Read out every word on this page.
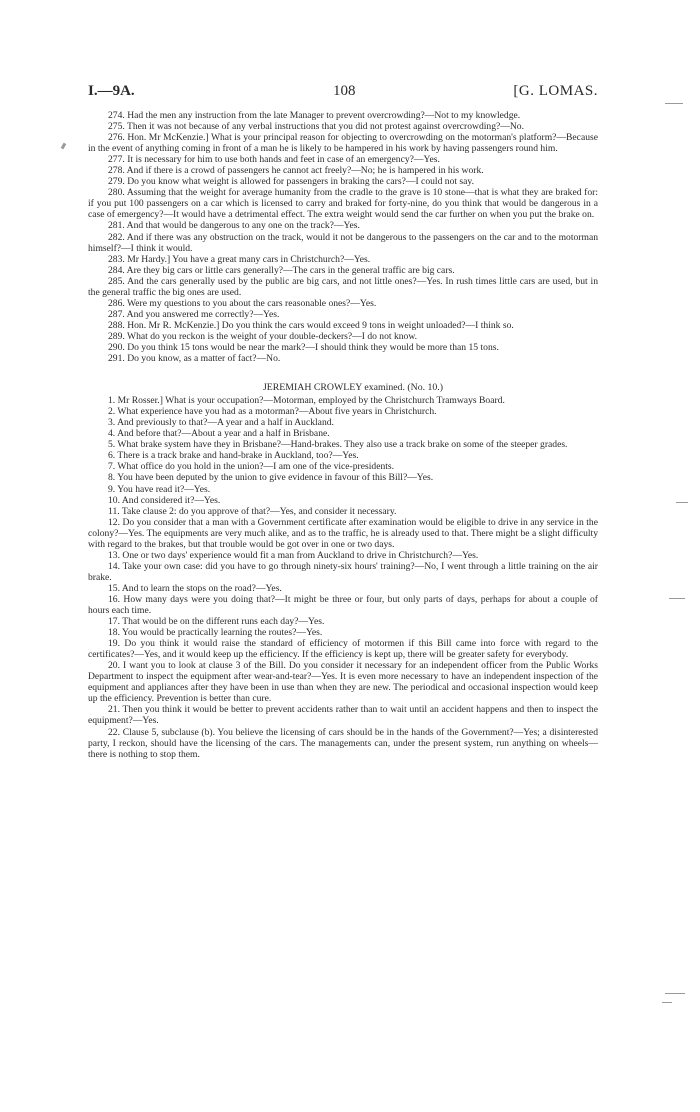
I.—9A.	108	[G. LOMAS.

274. Had the men any instruction from the late Manager to prevent overcrowding?—Not to my knowledge.

275. Then it was not because of any verbal instructions that you did not protest against overcrowding?—No.

276. Hon. Mr McKenzie.] What is your principal reason for objecting to overcrowding on the motorman's platform?—Because in the event of anything coming in front of a man he is likely to be hampered in his work by having passengers round him.

277. It is necessary for him to use both hands and feet in case of an emergency?—Yes.

278. And if there is a crowd of passengers he cannot act freely?—No; he is hampered in his work.

279. Do you know what weight is allowed for passengers in braking the cars?—I could not say.

280. Assuming that the weight for average humanity from the cradle to the grave is 10 stone—that is what they are braked for: if you put 100 passengers on a car which is licensed to carry and braked for forty-nine, do you think that would be dangerous in a case of emergency?—It would have a detrimental effect. The extra weight would send the car further on when you put the brake on.

281. And that would be dangerous to any one on the track?—Yes.

282. And if there was any obstruction on the track, would it not be dangerous to the passengers on the car and to the motorman himself?—I think it would.

283. Mr Hardy.] You have a great many cars in Christchurch?—Yes.

284. Are they big cars or little cars generally?—The cars in the general traffic are big cars.

285. And the cars generally used by the public are big cars, and not little ones?—Yes. In rush times little cars are used, but in the general traffic the big ones are used.

286. Were my questions to you about the cars reasonable ones?—Yes.

287. And you answered me correctly?—Yes.

288. Hon. Mr R. McKenzie.] Do you think the cars would exceed 9 tons in weight unloaded?—I think so.

289. What do you reckon is the weight of your double-deckers?—I do not know.

290. Do you think 15 tons would be near the mark?—I should think they would be more than 15 tons.

291. Do you know, as a matter of fact?—No.

JEREMIAH CROWLEY examined. (No. 10.)

1. Mr Rosser.] What is your occupation?—Motorman, employed by the Christchurch Tramways Board.

2. What experience have you had as a motorman?—About five years in Christchurch.

3. And previously to that?—A year and a half in Auckland.

4. And before that?—About a year and a half in Brisbane.

5. What brake system have they in Brisbane?—Hand-brakes. They also use a track brake on some of the steeper grades.

6. There is a track brake and hand-brake in Auckland, too?—Yes.

7. What office do you hold in the union?—I am one of the vice-presidents.

8. You have been deputed by the union to give evidence in favour of this Bill?—Yes.

9. You have read it?—Yes.

10. And considered it?—Yes.

11. Take clause 2: do you approve of that?—Yes, and consider it necessary.

12. Do you consider that a man with a Government certificate after examination would be eligible to drive in any service in the colony?—Yes. The equipments are very much alike, and as to the traffic, he is already used to that. There might be a slight difficulty with regard to the brakes, but that trouble would be got over in one or two days.

13. One or two days' experience would fit a man from Auckland to drive in Christchurch?—Yes.

14. Take your own case: did you have to go through ninety-six hours' training?—No, I went through a little training on the air brake.

15. And to learn the stops on the road?—Yes.

16. How many days were you doing that?—It might be three or four, but only parts of days, perhaps for about a couple of hours each time.

17. That would be on the different runs each day?—Yes.

18. You would be practically learning the routes?—Yes.

19. Do you think it would raise the standard of efficiency of motormen if this Bill came into force with regard to the certificates?—Yes, and it would keep up the efficiency. If the efficiency is kept up, there will be greater safety for everybody.

20. I want you to look at clause 3 of the Bill. Do you consider it necessary for an independent officer from the Public Works Department to inspect the equipment after wear-and-tear?—Yes. It is even more necessary to have an independent inspection of the equipment and appliances after they have been in use than when they are new. The periodical and occasional inspection would keep up the efficiency. Prevention is better than cure.

21. Then you think it would be better to prevent accidents rather than to wait until an accident happens and then to inspect the equipment?—Yes.

22. Clause 5, subclause (b). You believe the licensing of cars should be in the hands of the Government?—Yes; a disinterested party, I reckon, should have the licensing of the cars. The managements can, under the present system, run anything on wheels—there is nothing to stop them.
